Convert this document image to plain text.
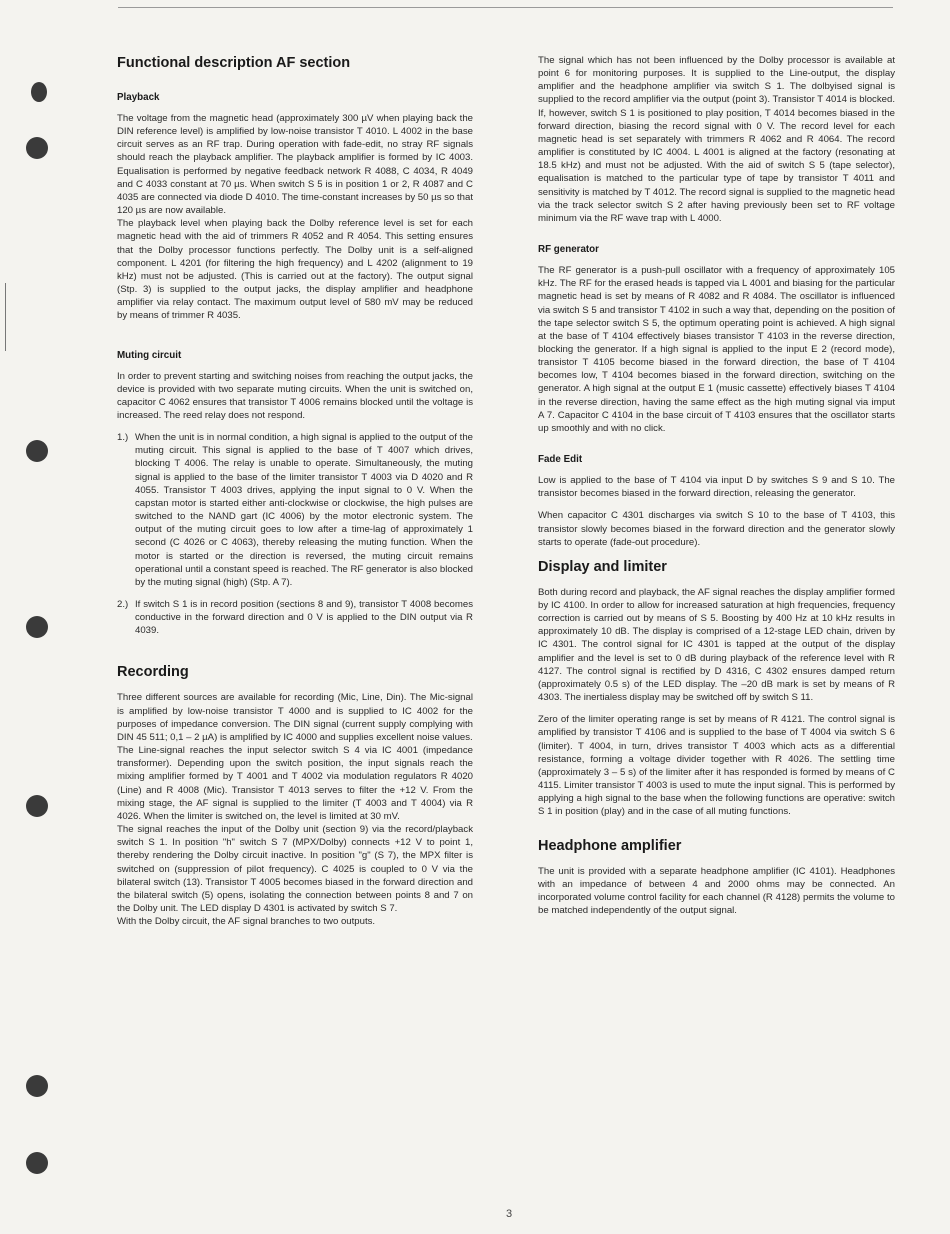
Functional description AF section
Playback

The voltage from the magnetic head (approximately 300 µV when playing back the DIN reference level) is amplified by low-noise transistor T 4010. L 4002 in the base circuit serves as an RF trap. During operation with fade-edit, no stray RF signals should reach the playback amplifier. The playback amplifier is formed by IC 4003. Equalisation is performed by negative feedback network R 4088, C 4034, R 4049 and C 4033 constant at 70 µs. When switch S 5 is in position 1 or 2, R 4087 and C 4035 are connected via diode D 4010. The time-constant increases by 50 µs so that 120 µs are now available.

The playback level when playing back the Dolby reference level is set for each magnetic head with the aid of trimmers R 4052 and R 4054. This setting ensures that the Dolby processor functions perfectly. The Dolby unit is a self-aligned component. L 4201 (for filtering the high frequency) and L 4202 (alignment to 19 kHz) must not be adjusted. (This is carried out at the factory). The output signal (Stp. 3) is supplied to the output jacks, the display amplifier and headphone amplifier via relay contact. The maximum output level of 580 mV may be reduced by means of trimmer R 4035.

Muting circuit

In order to prevent starting and switching noises from reaching the output jacks, the device is provided with two separate muting circuits. When the unit is switched on, capacitor C 4062 ensures that transistor T 4006 remains blocked until the voltage is increased. The reed relay does not respond.

1.) When the unit is in normal condition, a high signal is applied to the output of the muting circuit. This signal is applied to the base of T 4007 which drives, blocking T 4006. The relay is unable to operate. Simultaneously, the muting signal is applied to the base of the limiter transistor T 4003 via D 4020 and R 4055. Transistor T 4003 drives, applying the input signal to 0 V. When the capstan motor is started either anti-clockwise or clockwise, the high pulses are switched to the NAND gart (IC 4006) by the motor electronic system. The output of the muting circuit goes to low after a time-lag of approximately 1 second (C 4026 or C 4063), thereby releasing the muting function. When the motor is started or the direction is reversed, the muting circuit remains operational until a constant speed is reached. The RF generator is also blocked by the muting signal (high) (Stp. A 7).
2.) If switch S 1 is in record position (sections 8 and 9), transistor T 4008 becomes conductive in the forward direction and 0 V is applied to the DIN output via R 4039.
Recording

Three different sources are available for recording (Mic, Line, Din). The Mic-signal is amplified by low-noise transistor T 4000 and is supplied to IC 4002 for the purposes of impedance conversion. The DIN signal (current supply complying with DIN 45 511; 0,1 – 2 µA) is amplified by IC 4000 and supplies excellent noise values.

The Line-signal reaches the input selector switch S 4 via IC 4001 (impedance transformer). Depending upon the switch position, the input signals reach the mixing amplifier formed by T 4001 and T 4002 via modulation regulators R 4020 (Line) and R 4008 (Mic). Transistor T 4013 serves to filter the +12 V. From the mixing stage, the AF signal is supplied to the limiter (T 4003 and T 4004) via R 4026. When the limiter is switched on, the level is limited at 30 mV.

The signal reaches the input of the Dolby unit (section 9) via the record/playback switch S 1. In position "h" switch S 7 (MPX/Dolby) connects +12 V to point 1, thereby rendering the Dolby circuit inactive. In position "g" (S 7), the MPX filter is switched on (suppression of pilot frequency). C 4025 is coupled to 0 V via the bilateral switch (13). Transistor T 4005 becomes biased in the forward direction and the bilateral switch (5) opens, isolating the connection between points 8 and 7 on the Dolby unit. The LED display D 4301 is activated by switch S 7.

With the Dolby circuit, the AF signal branches to two outputs.

The signal which has not been influenced by the Dolby processor is available at point 6 for monitoring purposes. It is supplied to the Line-output, the display amplifier and the headphone amplifier via switch S 1. The dolbyised signal is supplied to the record amplifier via the output (point 3). Transistor T 4014 is blocked. If, however, switch S 1 is positioned to play position, T 4014 becomes biased in the forward direction, biasing the record signal with 0 V. The record level for each magnetic head is set separately with trimmers R 4062 and R 4064. The record amplifier is constituted by IC 4004. L 4001 is aligned at the factory (resonating at 18.5 kHz) and must not be adjusted. With the aid of switch S 5 (tape selector), equalisation is matched to the particular type of tape by transistor T 4011 and sensitivity is matched by T 4012. The record signal is supplied to the magnetic head via the track selector switch S 2 after having previously been set to RF voltage minimum via the RF wave trap with L 4000.

RF generator

The RF generator is a push-pull oscillator with a frequency of approximately 105 kHz. The RF for the erased heads is tapped via L 4001 and biasing for the particular magnetic head is set by means of R 4082 and R 4084. The oscillator is influenced via switch S 5 and transistor T 4102 in such a way that, depending on the position of the tape selector switch S 5, the optimum operating point is achieved. A high signal at the base of T 4104 effectively biases transistor T 4103 in the reverse direction, blocking the generator. If a high signal is applied to the input E 2 (record mode), transistor T 4105 become biased in the forward direction, the base of T 4104 becomes low, T 4104 becomes biased in the forward direction, switching on the generator. A high signal at the output E 1 (music cassette) effectively biases T 4104 in the reverse direction, having the same effect as the high muting signal via imput A 7. Capacitor C 4104 in the base circuit of T 4103 ensures that the oscillator starts up smoothly and with no click.

Fade Edit

Low is applied to the base of T 4104 via input D by switches S 9 and S 10. The transistor becomes biased in the forward direction, releasing the generator.

When capacitor C 4301 discharges via switch S 10 to the base of T 4103, this transistor slowly becomes biased in the forward direction and the generator slowly starts to operate (fade-out procedure).

Display and limiter

Both during record and playback, the AF signal reaches the display amplifier formed by IC 4100. In order to allow for increased saturation at high frequencies, frequency correction is carried out by means of S 5. Boosting by 400 Hz at 10 kHz results in approximately 10 dB. The display is comprised of a 12-stage LED chain, driven by IC 4301. The control signal for IC 4301 is tapped at the output of the display amplifier and the level is set to 0 dB during playback of the reference level with R 4127. The control signal is rectified by D 4316, C 4302 ensures damped return (approximately 0.5 s) of the LED display. The –20 dB mark is set by means of R 4303. The inertialess display may be switched off by switch S 11.

Zero of the limiter operating range is set by means of R 4121. The control signal is amplified by transistor T 4106 and is supplied to the base of T 4004 via switch S 6 (limiter). T 4004, in turn, drives transistor T 4003 which acts as a differential resistance, forming a voltage divider together with R 4026. The settling time (approximately 3 – 5 s) of the limiter after it has responded is formed by means of C 4115. Limiter transistor T 4003 is used to mute the input signal. This is performed by applying a high signal to the base when the following functions are operative: switch S 1 in position (play) and in the case of all muting functions.

Headphone amplifier

The unit is provided with a separate headphone amplifier (IC 4101). Headphones with an impedance of between 4 and 2000 ohms may be connected. An incorporated volume control facility for each channel (R 4128) permits the volume to be matched independently of the output signal.

3
